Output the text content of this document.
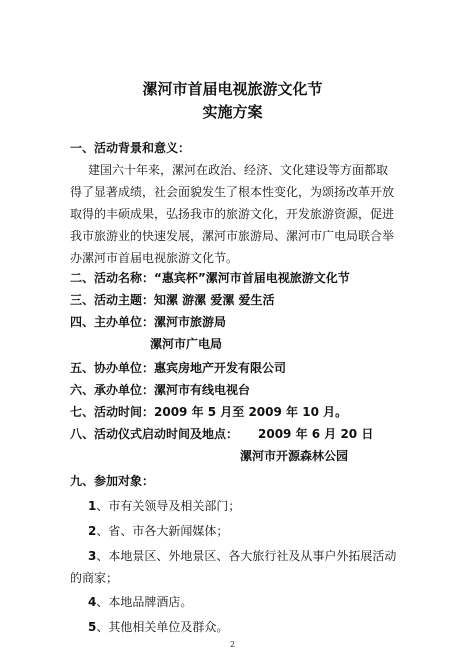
漯河市首届电视旅游文化节
实施方案
一、活动背景和意义：
建国六十年来，漯河在政治、经济、文化建设等方面都取
得了显著成绩，社会面貌发生了根本性变化，为颂扬改革开放
取得的丰硕成果，弘扬我市的旅游文化，开发旅游资源，促进
我市旅游业的快速发展，漯河市旅游局、漯河市广电局联合举
办漯河市首届电视旅游文化节。
二、活动名称：“惠宾杯”漯河市首届电视旅游文化节
三、活动主题：知漯 游漯 爱漯 爱生活
四、主办单位：漯河市旅游局
漯河市广电局
五、协办单位：惠宾房地产开发有限公司
六、承办单位：漯河市有线电视台
七、活动时间：2009 年 5 月至 2009 年 10 月。
八、活动仪式启动时间及地点： 2009 年 6 月 20 日
漯河市开源森林公园
九、参加对象：
1、市有关领导及相关部门；
2、省、市各大新闻媒体；
3、本地景区、外地景区、各大旅行社及从事户外拓展活动
的商家；
4、本地品牌酒店。
5、其他相关单位及群众。
2
